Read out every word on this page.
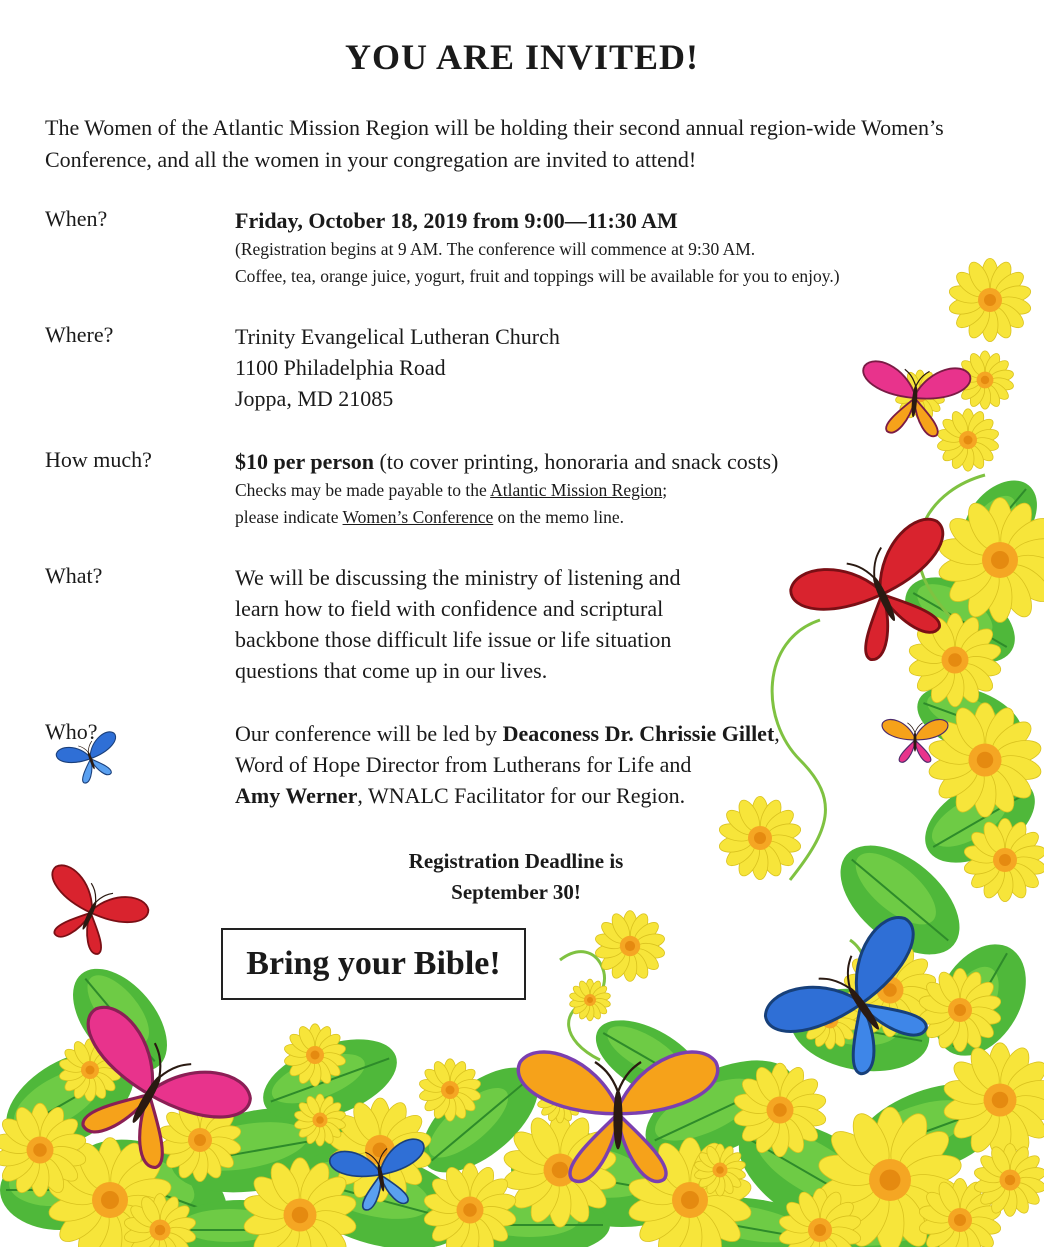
YOU ARE INVITED!
The Women of the Atlantic Mission Region will be holding their second annual region-wide Women’s Conference, and all the women in your congregation are invited to attend!
When?	Friday, October 18, 2019 from 9:00—11:30 AM
(Registration begins at 9 AM. The conference will commence at 9:30 AM.
Coffee, tea, orange juice, yogurt, fruit and toppings will be available for you to enjoy.)
Where?	Trinity Evangelical Lutheran Church
1100 Philadelphia Road
Joppa, MD 21085
How much?	$10 per person (to cover printing, honoraria and snack costs)
Checks may be made payable to the Atlantic Mission Region;
please indicate Women’s Conference on the memo line.
What?	We will be discussing the ministry of listening and
learn how to field with confidence and scriptural
backbone those difficult life issue or life situation
questions that come up in our lives.
Who?	Our conference will be led by Deaconess Dr. Chrissie Gillet,
Word of Hope Director from Lutherans for Life and
Amy Werner, WNALC Facilitator for our Region.
Registration Deadline is
September 30!
Bring your Bible!
